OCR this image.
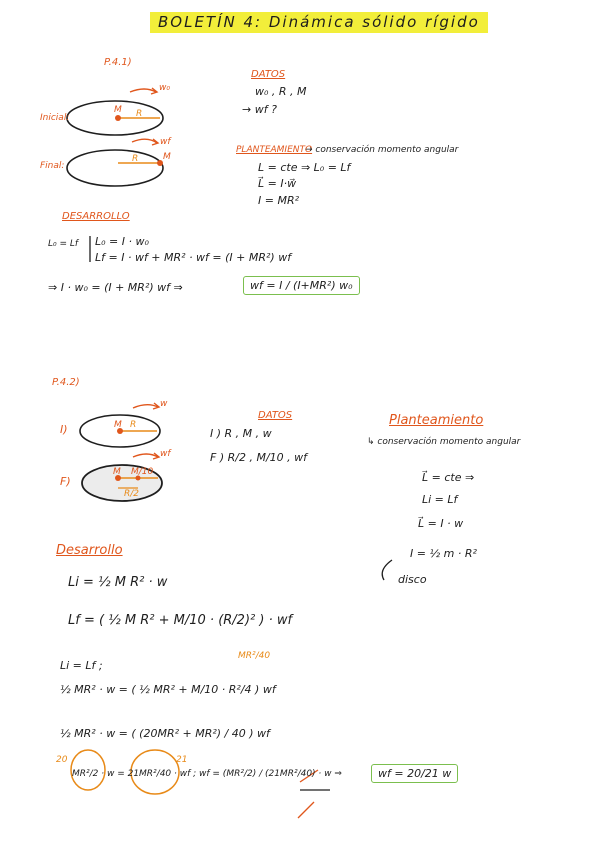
BOLETÍN 4: Dinámica sólido rígido
P.4.1)
Inicial:
Final:
w₀
wf
M R
M
R
DATOS
w₀ , R , M
→ wf ?
PLANTEAMIENTO
→ conservación momento angular
L = cte ⇒ L₀ = Lf
L⃗ = I·w⃗
I = MR²
DESARROLLO
L₀ = Lf L₀ = I · w₀
Lf = I · wf + MR² · wf = (I + MR²) wf
⇒ I · w₀ = (I + MR²) wf ⇒	wf = I / (I+MR²) w₀
P.4.2)
I)
F)
w
wf
M R
M M/10
R/2
DATOS
I ) R , M , w
F ) R/2 , M/10 , wf
Planteamiento
↳ conservación momento angular
L⃗ = cte ⇒
Li = Lf
L⃗ = I · w
I = ½ m · R²
disco
Desarrollo
Li = ½ M R² · w
Lf = ( ½ M R² + M/10 · (R/2)² ) · wf
Li = Lf ;
MR²/40
½ MR² · w = ( ½ MR² + M/10 · R²/4 ) wf
½ MR² · w = ( (20MR² + MR²) / 40 ) wf
20	21
MR²/2 · w = 21MR²/40 · wf ; wf = (MR²/2) / (21MR²/40) · w ⇒	wf = 20/21 w
